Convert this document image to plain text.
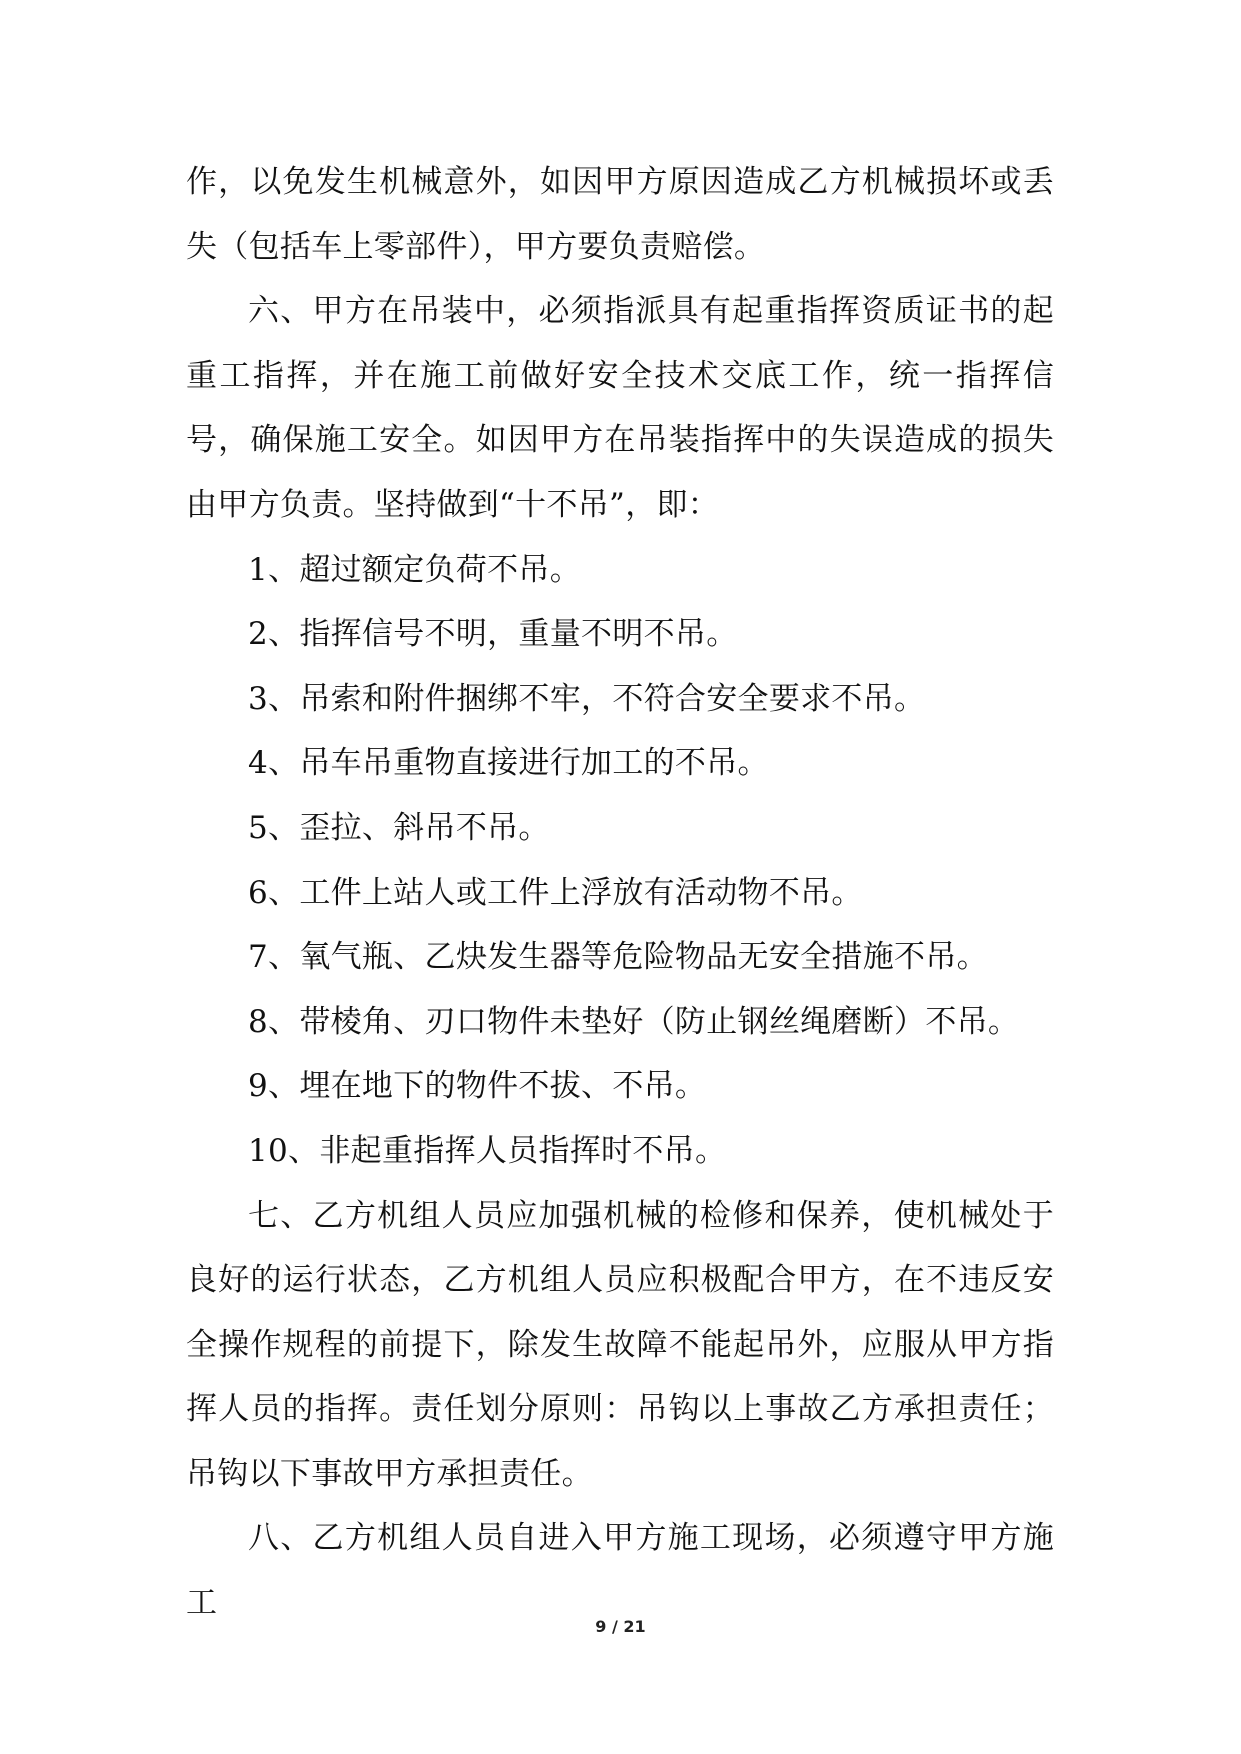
作，以免发生机械意外，如因甲方原因造成乙方机械损坏或丢失（包括车上零部件），甲方要负责赔偿。

六、甲方在吊装中，必须指派具有起重指挥资质证书的起重工指挥，并在施工前做好安全技术交底工作，统一指挥信号，确保施工安全。如因甲方在吊装指挥中的失误造成的损失由甲方负责。坚持做到“十不吊”，即：

1、超过额定负荷不吊。

2、指挥信号不明，重量不明不吊。

3、吊索和附件捆绑不牢，不符合安全要求不吊。

4、吊车吊重物直接进行加工的不吊。

5、歪拉、斜吊不吊。

6、工件上站人或工件上浮放有活动物不吊。

7、氧气瓶、乙炔发生器等危险物品无安全措施不吊。

8、带棱角、刃口物件未垫好（防止钢丝绳磨断）不吊。

9、埋在地下的物件不拔、不吊。

10、非起重指挥人员指挥时不吊。

七、乙方机组人员应加强机械的检修和保养，使机械处于良好的运行状态，乙方机组人员应积极配合甲方，在不违反安全操作规程的前提下，除发生故障不能起吊外，应服从甲方指挥人员的指挥。责任划分原则：吊钩以上事故乙方承担责任；吊钩以下事故甲方承担责任。

八、乙方机组人员自进入甲方施工现场，必须遵守甲方施工

9 / 21
